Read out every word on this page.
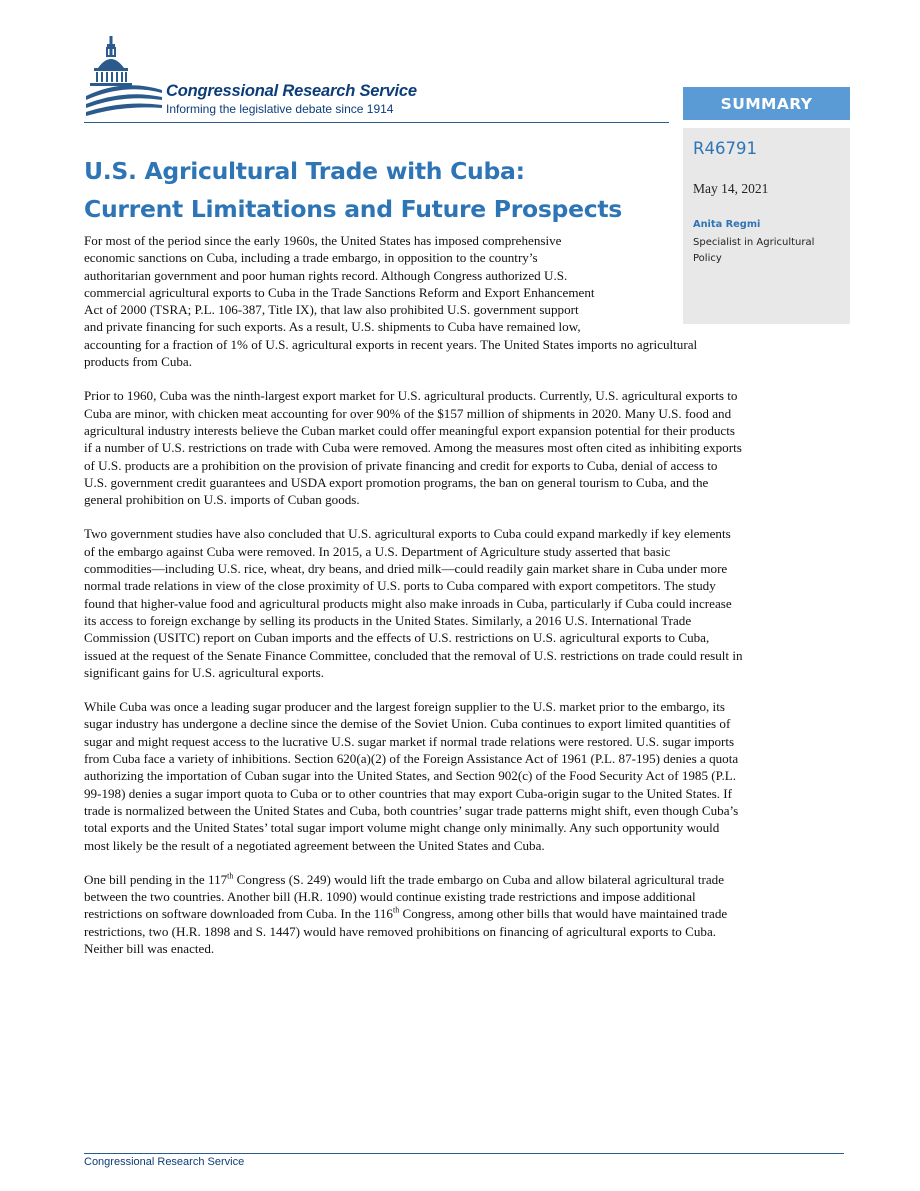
Congressional Research Service
Informing the legislative debate since 1914	SUMMARY
R46791
May 14, 2021
Anita Regmi
Specialist in Agricultural
Policy
U.S. Agricultural Trade with Cuba:
Current Limitations and Future Prospects

For most of the period since the early 1960s, the United States has imposed comprehensive
economic sanctions on Cuba, including a trade embargo, in opposition to the country’s
authoritarian government and poor human rights record. Although Congress authorized U.S.
commercial agricultural exports to Cuba in the Trade Sanctions Reform and Export Enhancement
Act of 2000 (TSRA; P.L. 106-387, Title IX), that law also prohibited U.S. government support
and private financing for such exports. As a result, U.S. shipments to Cuba have remained low,
accounting for a fraction of 1% of U.S. agricultural exports in recent years. The United States imports no agricultural
products from Cuba.

Prior to 1960, Cuba was the ninth-largest export market for U.S. agricultural products. Currently, U.S. agricultural exports to
Cuba are minor, with chicken meat accounting for over 90% of the $157 million of shipments in 2020. Many U.S. food and
agricultural industry interests believe the Cuban market could offer meaningful export expansion potential for their products
if a number of U.S. restrictions on trade with Cuba were removed. Among the measures most often cited as inhibiting exports
of U.S. products are a prohibition on the provision of private financing and credit for exports to Cuba, denial of access to
U.S. government credit guarantees and USDA export promotion programs, the ban on general tourism to Cuba, and the
general prohibition on U.S. imports of Cuban goods.

Two government studies have also concluded that U.S. agricultural exports to Cuba could expand markedly if key elements
of the embargo against Cuba were removed. In 2015, a U.S. Department of Agriculture study asserted that basic
commodities—including U.S. rice, wheat, dry beans, and dried milk—could readily gain market share in Cuba under more
normal trade relations in view of the close proximity of U.S. ports to Cuba compared with export competitors. The study
found that higher-value food and agricultural products might also make inroads in Cuba, particularly if Cuba could increase
its access to foreign exchange by selling its products in the United States. Similarly, a 2016 U.S. International Trade
Commission (USITC) report on Cuban imports and the effects of U.S. restrictions on U.S. agricultural exports to Cuba,
issued at the request of the Senate Finance Committee, concluded that the removal of U.S. restrictions on trade could result in
significant gains for U.S. agricultural exports.

While Cuba was once a leading sugar producer and the largest foreign supplier to the U.S. market prior to the embargo, its
sugar industry has undergone a decline since the demise of the Soviet Union. Cuba continues to export limited quantities of
sugar and might request access to the lucrative U.S. sugar market if normal trade relations were restored. U.S. sugar imports
from Cuba face a variety of inhibitions. Section 620(a)(2) of the Foreign Assistance Act of 1961 (P.L. 87-195) denies a quota
authorizing the importation of Cuban sugar into the United States, and Section 902(c) of the Food Security Act of 1985 (P.L.
99-198) denies a sugar import quota to Cuba or to other countries that may export Cuba-origin sugar to the United States. If
trade is normalized between the United States and Cuba, both countries’ sugar trade patterns might shift, even though Cuba’s
total exports and the United States’ total sugar import volume might change only minimally. Any such opportunity would
most likely be the result of a negotiated agreement between the United States and Cuba.

One bill pending in the 117th Congress (S. 249) would lift the trade embargo on Cuba and allow bilateral agricultural trade
between the two countries. Another bill (H.R. 1090) would continue existing trade restrictions and impose additional
restrictions on software downloaded from Cuba. In the 116th Congress, among other bills that would have maintained trade
restrictions, two (H.R. 1898 and S. 1447) would have removed prohibitions on financing of agricultural exports to Cuba.
Neither bill was enacted.

Congressional Research Service
